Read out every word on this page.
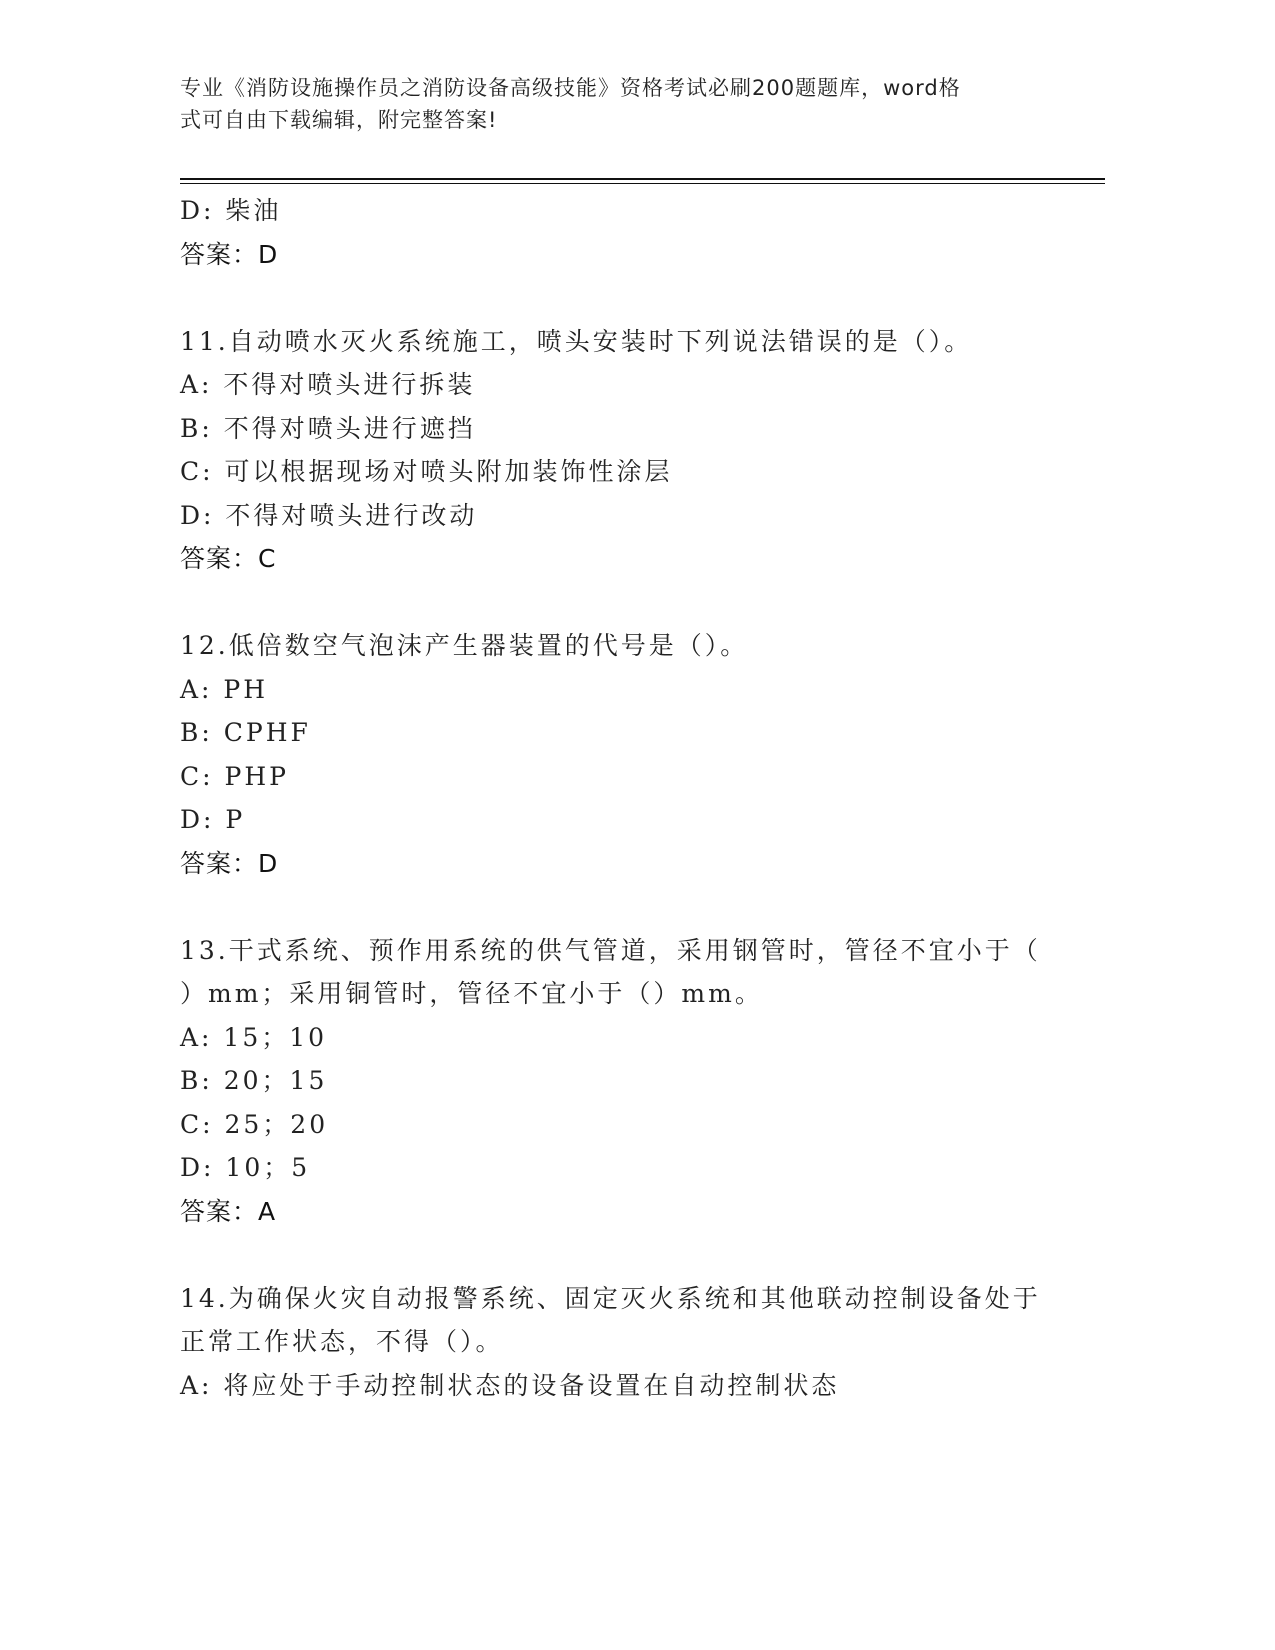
专业《消防设施操作员之消防设备高级技能》资格考试必刷200题题库，word格
式可自由下载编辑，附完整答案!
D: 柴油
答案：D
11.自动喷水灭火系统施工，喷头安装时下列说法错误的是（）。
A: 不得对喷头进行拆装
B: 不得对喷头进行遮挡
C: 可以根据现场对喷头附加装饰性涂层
D: 不得对喷头进行改动
答案：C
12.低倍数空气泡沫产生器装置的代号是（）。
A: PH
B: CPHF
C: PHP
D: P
答案：D
13.干式系统、预作用系统的供气管道，采用钢管时，管径不宜小于（
）mm；采用铜管时，管径不宜小于（）mm。
A: 15；10
B: 20；15
C: 25；20
D: 10；5
答案：A
14.为确保火灾自动报警系统、固定灭火系统和其他联动控制设备处于
正常工作状态，不得（）。
A: 将应处于手动控制状态的设备设置在自动控制状态
